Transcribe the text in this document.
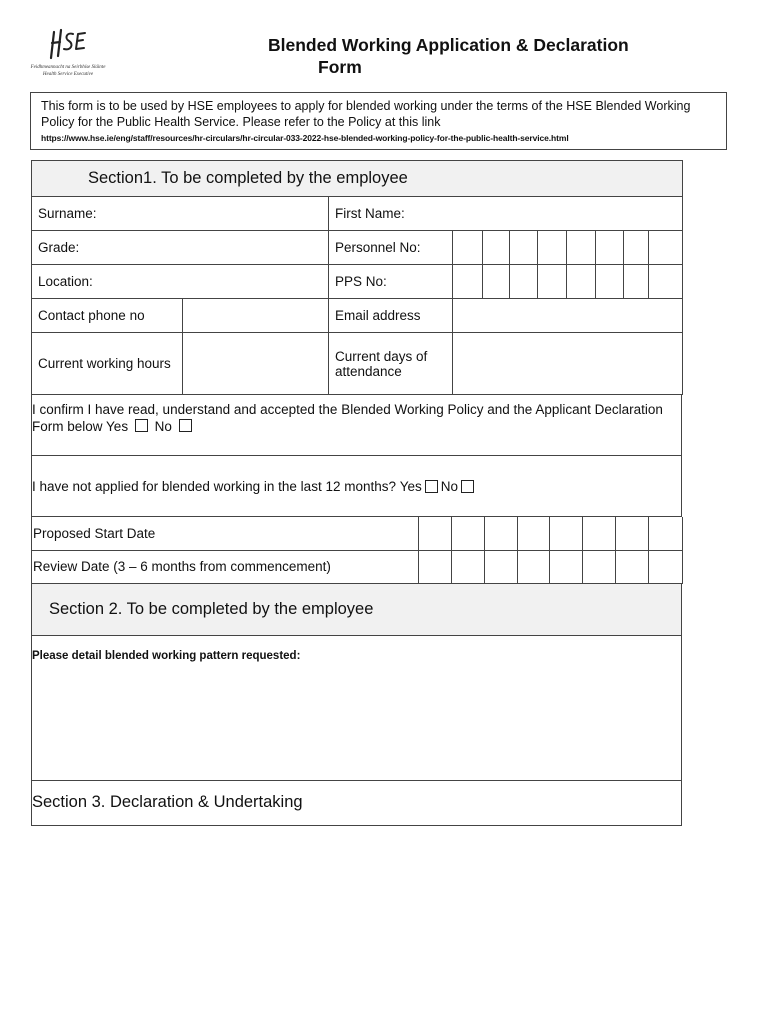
Feidhmeannacht na Seirbhíse Sláinte
Health Service Executive
Blended Working Application & Declaration
Form

This form is to be used by HSE employees to apply for blended working under the terms of the HSE Blended Working Policy for the Public Health Service. Please refer to the Policy at this link

https://www.hse.ie/eng/staff/resources/hr-circulars/hr-circular-033-2022-hse-blended-working-policy-for-the-public-health-service.html
Section1. To be completed by the employee										
Surname:		First Name:								
Grade:		Personnel No:								
Location:		PPS No:								
Contact phone no		Email address								
Current working hours		Current days of attendance								
I confirm I have read, understand and accepted the Blended Working Policy and the Applicant Declaration Form below Yes No
I have not applied for blended working in the last 12 months?
Yes No
Proposed Start Date								
Review Date (3 – 6 months from commencement)								
Section 2. To be completed by the employee
Please detail blended working pattern requested:
Section 3. Declaration & Undertaking
